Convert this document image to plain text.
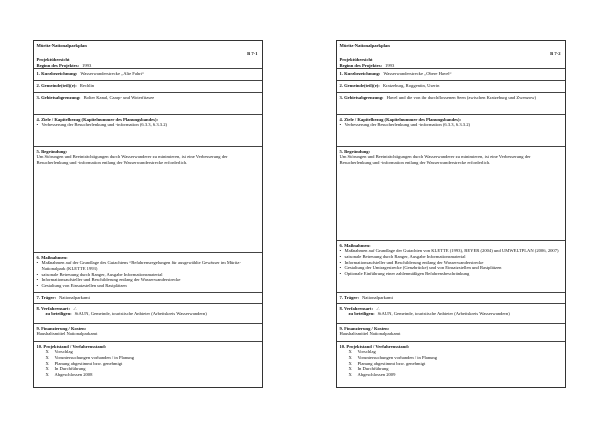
Müritz-Nationalparkplan
B 7-1
Projektübersicht
Beginn des Projektes: 1993
1. Kurzbezeichnung: Wasserwanderstrecke „Alte Fahrt“
2. Gemeinde(teil)(e): Rechlin
3. Gebietsabgrenzung: Bolter Kanal, Caarp- und Woterfitzsee
4. Ziele / Kapitelbezug (Kapitelnummer des Planungsbandes):
• Verbesserung der Besucherlenkung und -information (6.3.3, 6.3.3.2)
5. Begründung:
Um Störungen und Beeinträchtigungen durch Wasserwanderer zu minimieren, ist eine Verbesserung der Besucherlenkung und -information entlang der Wasserwanderstrecke erforderlich.
6. Maßnahmen:
• Maßnahmen auf der Grundlage des Gutachtens “Befahrensregelungen für ausgewählte Gewässer im Müritz-Nationalpark (KLETTE 1993)
• saisonale Betreuung durch Ranger, Ausgabe Informationsmaterial
• Informationsaufsteller und Beschilderung entlang der Wasserwanderstrecke
• Gestaltung von Einsatzstellen und Rastplätzen
7. Träger: Nationalparkamt
8. Verfahrensart: ./.
zu beteiligen: StAUN, Gemeinde, touristische Anbieter (Arbeitskreis Wasserwandern)
9. Finanzierung / Kosten:
Haushaltsmittel Nationalparkamt
10. Projektstand / Verfahrensstand:
X	Vorschlag
X	Voruntersuchungen vorhanden / in Planung
X	Planung abgestimmt bzw. genehmigt
X	In Durchführung
X	Abgeschlossen 2008
Müritz-Nationalparkplan
B 7-2
Projektübersicht
Beginn des Projektes: 1993
1. Kurzbezeichnung: Wasserwanderstrecke „Obere Havel“
2. Gemeinde(teil)(e): Kratzeburg, Roggentin, Userin
3. Gebietsabgrenzung: Havel und die von ihr durchflossenen Seen (zwischen Kratzeburg und Zwenzow)
4. Ziele / Kapitelbezug (Kapitelnummer des Planungsbandes):
• Verbesserung der Besucherlenkung und -information (6.3.3, 6.3.3.2)
5. Begründung:
Um Störungen und Beeinträchtigungen durch Wasserwanderer zu minimieren, ist eine Verbesserung der Besucherlenkung und -information entlang der Wasserwanderstrecke erforderlich.
6. Maßnahmen:
• Maßnahmen auf Grundlage der Gutachten von KLETTE (1993), BEYER (2004) und UMWELTPLAN (2006, 2007)
• saisonale Betreuung durch Ranger, Ausgabe Informationsmaterial
• Informationsaufsteller und Beschilderung entlang der Wasserwanderstrecke
• Gestaltung der Umtragestrecke (Genzbrücke) und von Einsatzstellen und Rastplätzen
• Optionale Einführung einer zahlenmäßigen Befahrensbeschränkung
7. Träger: Nationalparkamt
8. Verfahrensart: ./.
zu beteiligen: StAUN, Gemeinde, touristische Anbieter (Arbeitskreis Wasserwandern)
9. Finanzierung / Kosten:
Haushaltsmittel Nationalparkamt
10. Projektstand / Verfahrensstand:
X	Vorschlag
X	Voruntersuchungen vorhanden / in Planung
X	Planung abgestimmt bzw. genehmigt
X	In Durchführung
X	Abgeschlossen 2009
